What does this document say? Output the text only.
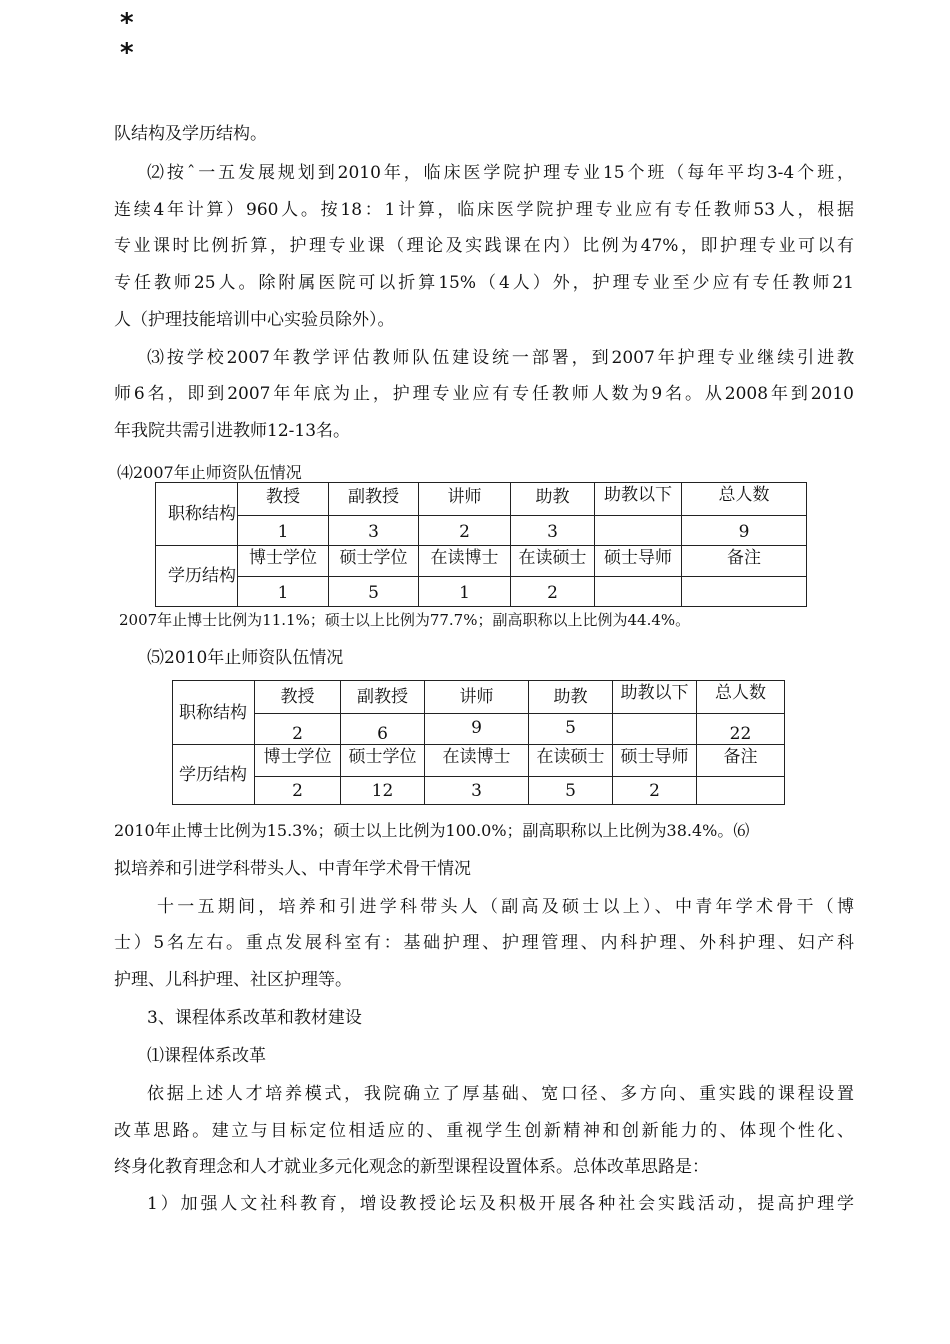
*
*
队结构及学历结构。
⑵按ˆ一五发展规划到2010年，临床医学院护理专业15个班（每年平均3-4个班，
连续4年计算）960人。按18：1计算，临床医学院护理专业应有专任教师53人，根据
专业课时比例折算，护理专业课（理论及实践课在内）比例为47%，即护理专业可以有
专任教师25人。除附属医院可以折算15%（4人）外，护理专业至少应有专任教师21
人（护理技能培训中心实验员除外）。
⑶按学校2007年教学评估教师队伍建设统一部署，到2007年护理专业继续引进教
师6名，即到2007年年底为止，护理专业应有专任教师人数为9名。从2008年到2010
年我院共需引进教师12-13名。
⑷2007年止师资队伍情况
职称结构	教授	副教授	讲师	助教	助教以下	总人数

	1	3	2	3		9

学历结构	博士学位	硕士学位	在读博士	在读硕士	硕士导师	备注

	1	5	1	2		

2007年止博士比例为11.1%；硕士以上比例为77.7%；副高职称以上比例为44.4%。
⑸2010年止师资队伍情况
职称结构	教授	副教授	讲师	助教	助教以下	总人数

	2	6	9	5		22

学历结构	博士学位	硕士学位	在读博士	在读硕士	硕士导师	备注

	2	12	3	5	2	

2010年止博士比例为15.3%；硕士以上比例为100.0%；副高职称以上比例为38.4%。⑹
拟培养和引进学科带头人、中青年学术骨干情况
十一五期间，培养和引进学科带头人（副高及硕士以上）、中青年学术骨干（博
士）5名左右。重点发展科室有：基础护理、护理管理、内科护理、外科护理、妇产科
护理、儿科护理、社区护理等。
3、课程体系改革和教材建设
⑴课程体系改革
依据上述人才培养模式，我院确立了厚基础、宽口径、多方向、重实践的课程设置
改革思路。建立与目标定位相适应的、重视学生创新精神和创新能力的、体现个性化、
终身化教育理念和人才就业多元化观念的新型课程设置体系。总体改革思路是：
1）加强人文社科教育，增设教授论坛及积极开展各种社会实践活动，提高护理学
